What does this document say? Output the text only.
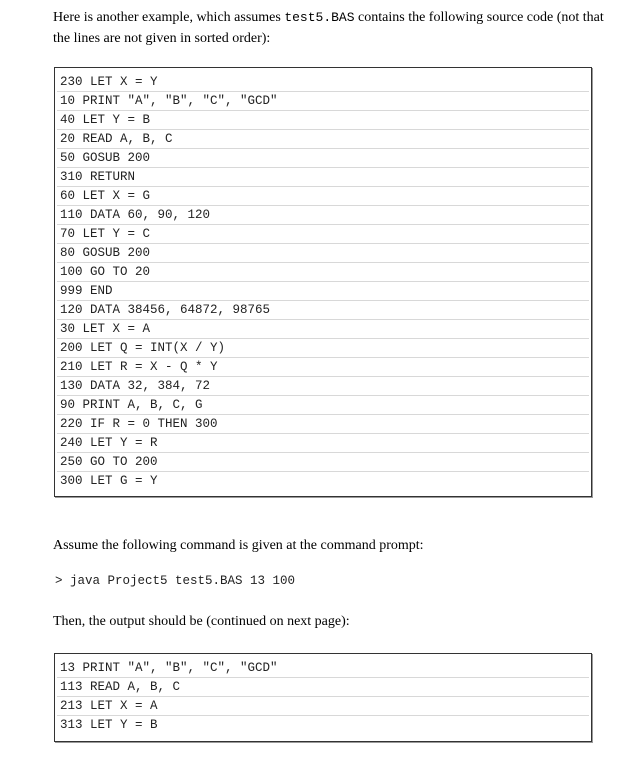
Here is another example, which assumes test5.BAS contains the following source code (not that the lines are not given in sorted order):

230 LET X = Y
10 PRINT "A", "B", "C", "GCD"
40 LET Y = B
20 READ A, B, C
50 GOSUB 200
310 RETURN
60 LET X = G
110 DATA 60, 90, 120
70 LET Y = C
80 GOSUB 200
100 GO TO 20
999 END
120 DATA 38456, 64872, 98765
30 LET X = A
200 LET Q = INT(X / Y)
210 LET R = X - Q * Y
130 DATA 32, 384, 72
90 PRINT A, B, C, G
220 IF R = 0 THEN 300
240 LET Y = R
250 GO TO 200
300 LET G = Y

Assume the following command is given at the command prompt:

> java Project5 test5.BAS 13 100

Then, the output should be (continued on next page):

13 PRINT "A", "B", "C", "GCD"
113 READ A, B, C
213 LET X = A
313 LET Y = B
